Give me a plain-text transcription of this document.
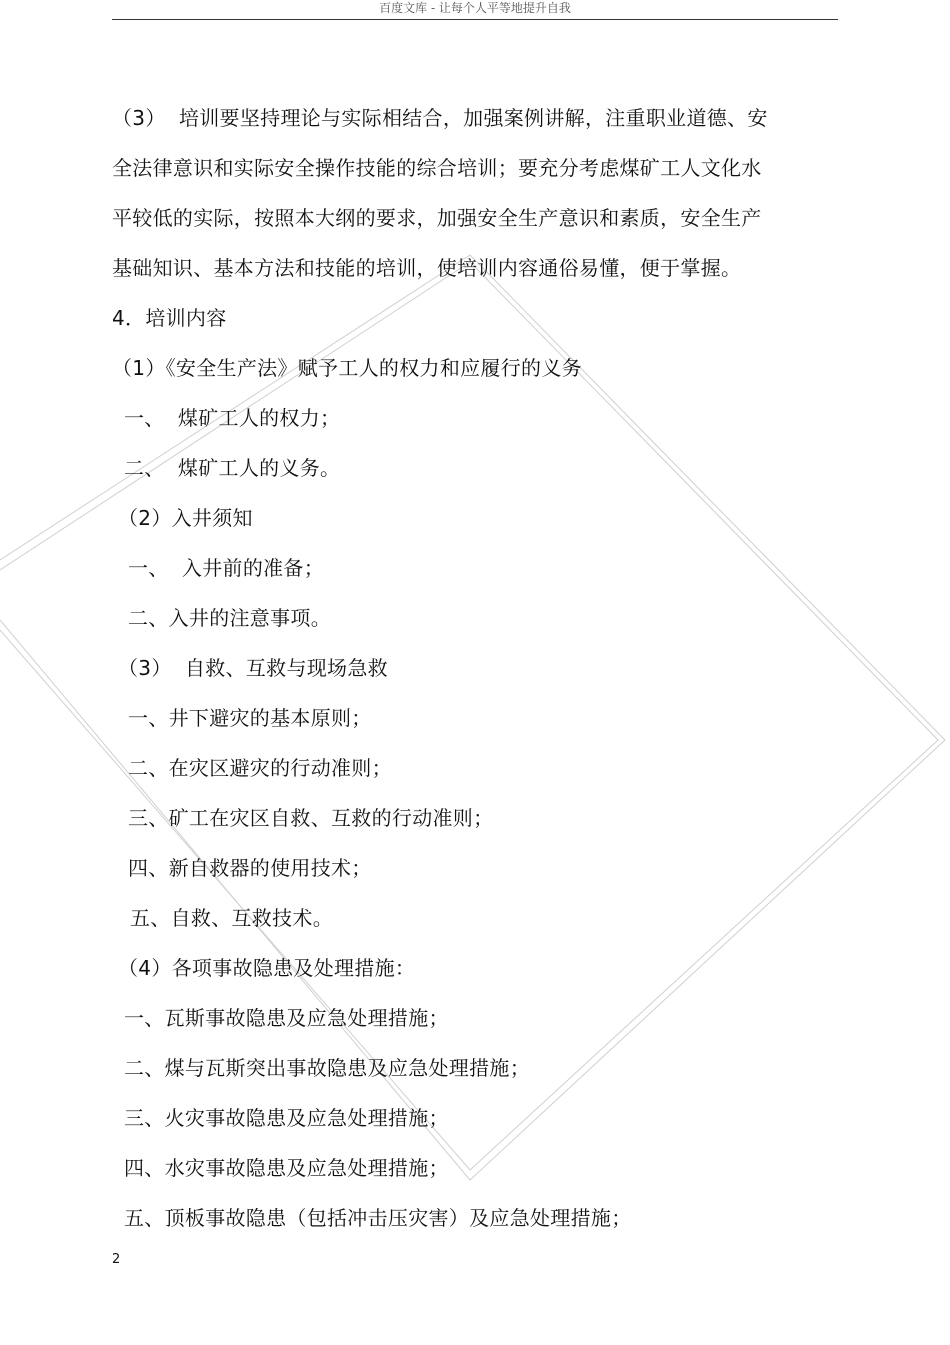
百度文库 - 让每个人平等地提升自我
（3）  培训要坚持理论与实际相结合，加强案例讲解，注重职业道德、安
全法律意识和实际安全操作技能的综合培训；要充分考虑煤矿工人文化水
平较低的实际，按照本大纲的要求，加强安全生产意识和素质，安全生产
基础知识、基本方法和技能的培训，使培训内容通俗易懂，便于掌握。
4．培训内容
（1）《安全生产法》赋予工人的权力和应履行的义务
一、  煤矿工人的权力；
二、  煤矿工人的义务。
（2）入井须知
一、  入井前的准备；
二、入井的注意事项。
（3）  自救、互救与现场急救
一、井下避灾的基本原则；
二、在灾区避灾的行动准则；
三、矿工在灾区自救、互救的行动准则；
四、新自救器的使用技术；
五、自救、互救技术。
（4）各项事故隐患及处理措施：
一、瓦斯事故隐患及应急处理措施；
二、煤与瓦斯突出事故隐患及应急处理措施；
三、火灾事故隐患及应急处理措施；
四、水灾事故隐患及应急处理措施；
五、顶板事故隐患（包括冲击压灾害）及应急处理措施；
2
